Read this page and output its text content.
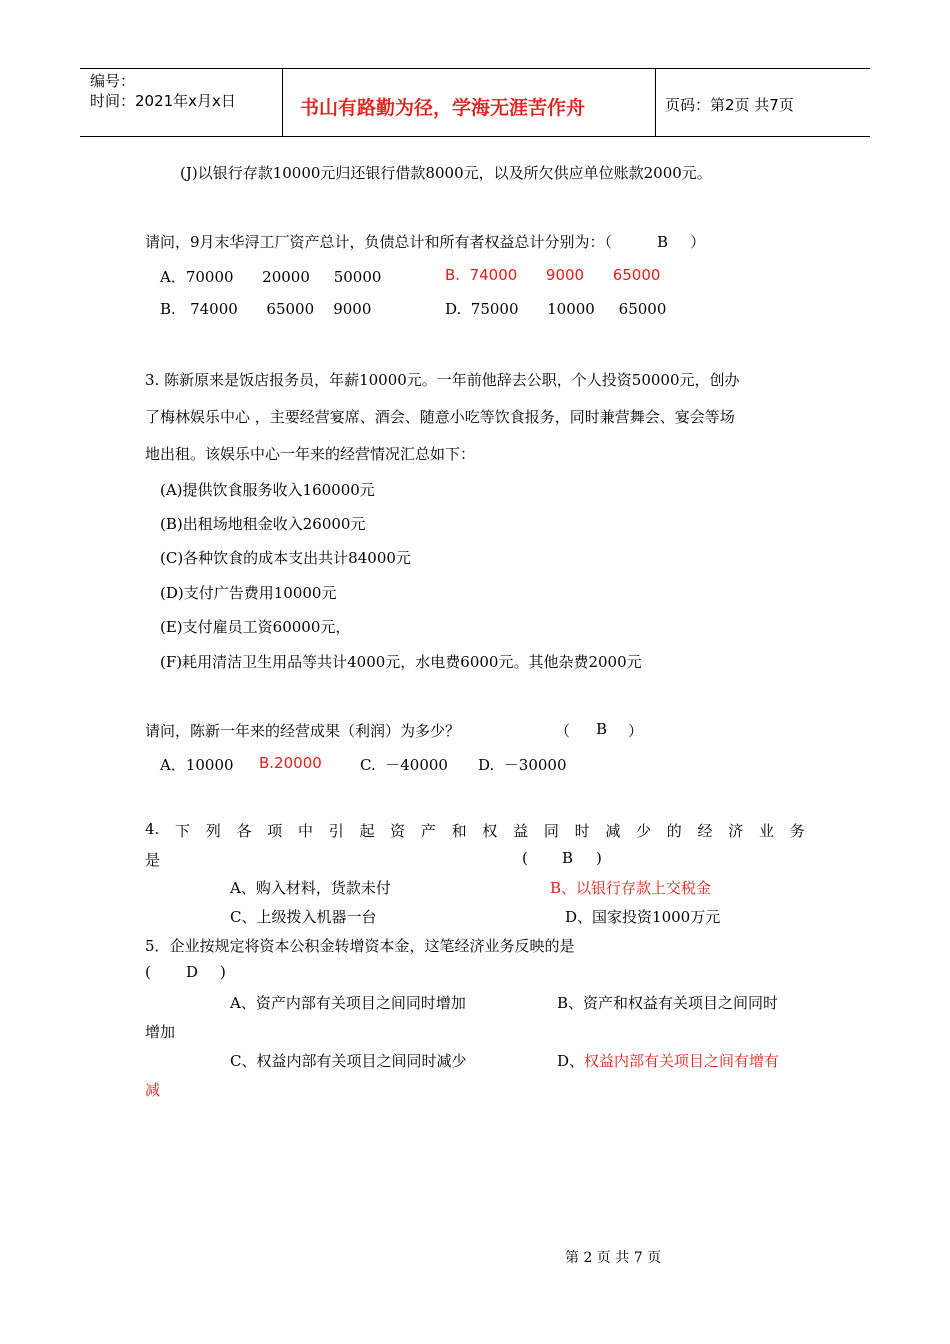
编号：
时间：2021年x月x日	书山有路勤为径，学海无涯苦作舟	页码：第2页 共7页
(J)以银行存款10000元归还银行借款8000元，以及所欠供应单位账款2000元。
请问，9月末华浔工厂资产总计，负债总计和所有者权益总计分别为：（	B ）
A．70000      20000     50000	B.  74000      9000      65000
B.   74000      65000    9000	D.  75000      10000     65000
3. 陈新原来是饭店报务员，年薪10000元。一年前他辞去公职，个人投资50000元，创办
了梅林娱乐中心 ，主要经营宴席、酒会、随意小吃等饮食报务，同时兼营舞会、宴会等场
地出租。该娱乐中心一年来的经营情况汇总如下：
(A)提供饮食服务收入160000元
(B)出租场地租金收入26000元
(C)各种饮食的成本支出共计84000元
(D)支付广告费用10000元
(E)支付雇员工资60000元，
(F)耗用清洁卫生用品等共计4000元，水电费6000元。其他杂费2000元
请问，陈新一年来的经营成果（利润）为多少？	（ B ）
A．10000 B.20000	C.  －40000 D.  －30000
4. 下 列 各 项 中 引 起 资 产 和 权 益 同 时 减 少 的 经 济 业 务
是	( B )
A、购入材料，货款未付	B、以银行存款上交税金
C、上级拨入机器一台	D、国家投资1000万元
5．企业按规定将资本公积金转增资本金，这笔经济业务反映的是
( D )
A、资产内部有关项目之间同时增加	B、资产和权益有关项目之间同时
增加
C、权益内部有关项目之间同时减少	D、权益内部有关项目之间有增有
减
第 2 页 共 7 页
